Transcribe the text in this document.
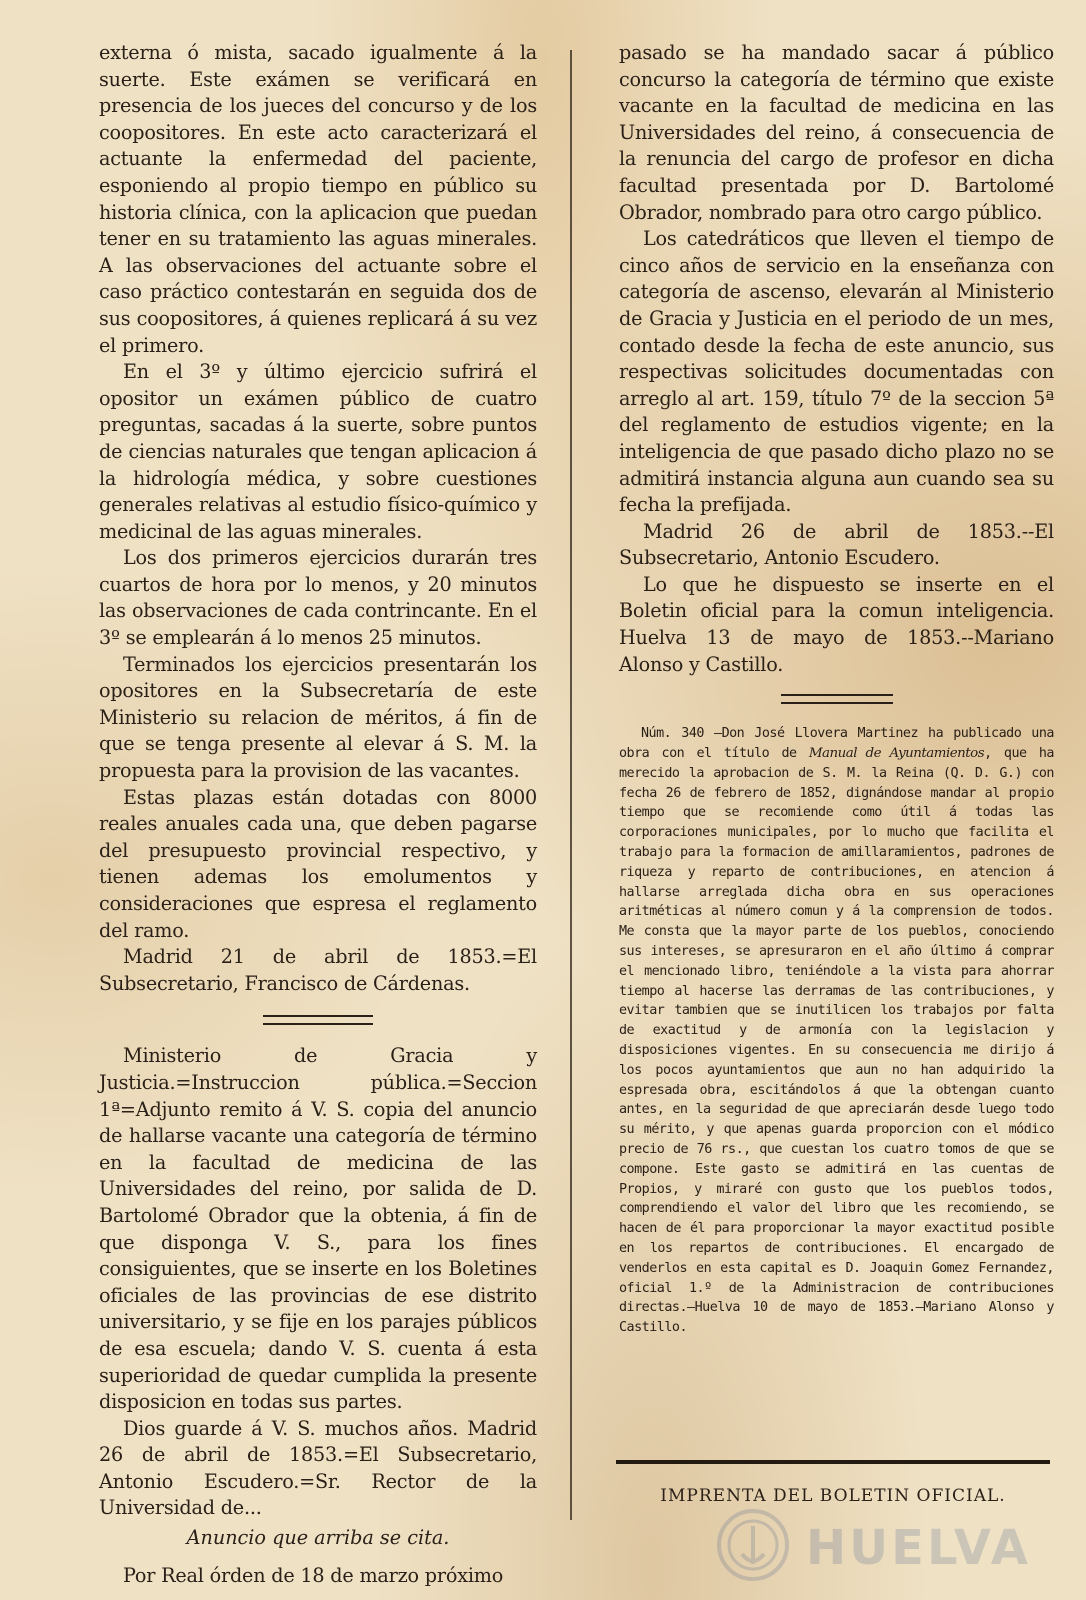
externa ó mista, sacado igualmente á la suerte. Este exámen se verificará en presencia de los jueces del concurso y de los coopositores. En este acto caracterizará el actuante la enfermedad del paciente, esponiendo al propio tiempo en público su historia clínica, con la aplicacion que puedan tener en su tratamiento las aguas minerales. A las observaciones del actuante sobre el caso práctico contestarán en seguida dos de sus coopositores, á quienes replicará á su vez el primero.

En el 3º y último ejercicio sufrirá el opositor un exámen público de cuatro preguntas, sacadas á la suerte, sobre puntos de ciencias naturales que tengan aplicacion á la hidrología médica, y sobre cuestiones generales relativas al estudio físico-químico y medicinal de las aguas minerales.

Los dos primeros ejercicios durarán tres cuartos de hora por lo menos, y 20 minutos las observaciones de cada contrincante. En el 3º se emplearán á lo menos 25 minutos.

Terminados los ejercicios presentarán los opositores en la Subsecretaría de este Ministerio su relacion de méritos, á fin de que se tenga presente al elevar á S. M. la propuesta para la provision de las vacantes.

Estas plazas están dotadas con 8000 reales anuales cada una, que deben pagarse del presupuesto provincial respectivo, y tienen ademas los emolumentos y consideraciones que espresa el reglamento del ramo.

Madrid 21 de abril de 1853.=El Subsecretario, Francisco de Cárdenas.

Ministerio de Gracia y Justicia.=Instruccion pública.=Seccion 1ª=Adjunto remito á V. S. copia del anuncio de hallarse vacante una categoría de término en la facultad de medicina de las Universidades del reino, por salida de D. Bartolomé Obrador que la obtenia, á fin de que disponga V. S., para los fines consiguientes, que se inserte en los Boletines oficiales de las provincias de ese distrito universitario, y se fije en los parajes públicos de esa escuela; dando V. S. cuenta á esta superioridad de quedar cumplida la presente disposicion en todas sus partes.

Dios guarde á V. S. muchos años. Madrid 26 de abril de 1853.=El Subsecretario, Antonio Escudero.=Sr. Rector de la Universidad de...

Anuncio que arriba se cita.

Por Real órden de 18 de marzo próximo

pasado se ha mandado sacar á público concurso la categoría de término que existe vacante en la facultad de medicina en las Universidades del reino, á consecuencia de la renuncia del cargo de profesor en dicha facultad presentada por D. Bartolomé Obrador, nombrado para otro cargo público.

Los catedráticos que lleven el tiempo de cinco años de servicio en la enseñanza con categoría de ascenso, elevarán al Ministerio de Gracia y Justicia en el periodo de un mes, contado desde la fecha de este anuncio, sus respectivas solicitudes documentadas con arreglo al art. 159, título 7º de la seccion 5ª del reglamento de estudios vigente; en la inteligencia de que pasado dicho plazo no se admitirá instancia alguna aun cuando sea su fecha la prefijada.

Madrid 26 de abril de 1853.--El Subsecretario, Antonio Escudero.

Lo que he dispuesto se inserte en el Boletin oficial para la comun inteligencia. Huelva 13 de mayo de 1853.--Mariano Alonso y Castillo.

Núm. 340 —Don José Llovera Martinez ha publicado una obra con el título de Manual de Ayuntamientos, que ha merecido la aprobacion de S. M. la Reina (Q. D. G.) con fecha 26 de febrero de 1852, dignándose mandar al propio tiempo que se recomiende como útil á todas las corporaciones municipales, por lo mucho que facilita el trabajo para la formacion de amillaramientos, padrones de riqueza y reparto de contribuciones, en atencion á hallarse arreglada dicha obra en sus operaciones aritméticas al número comun y á la comprension de todos. Me consta que la mayor parte de los pueblos, conociendo sus intereses, se apresuraron en el año último á comprar el mencionado libro, teniéndole a la vista para ahorrar tiempo al hacerse las derramas de las contribuciones, y evitar tambien que se inutilicen los trabajos por falta de exactitud y de armonía con la legislacion y disposiciones vigentes. En su consecuencia me dirijo á los pocos ayuntamientos que aun no han adquirido la espresada obra, escitándolos á que la obtengan cuanto antes, en la seguridad de que apreciarán desde luego todo su mérito, y que apenas guarda proporcion con el módico precio de 76 rs., que cuestan los cuatro tomos de que se compone. Este gasto se admitirá en las cuentas de Propios, y miraré con gusto que los pueblos todos, comprendiendo el valor del libro que les recomiendo, se hacen de él para proporcionar la mayor exactitud posible en los repartos de contribuciones. El encargado de venderlos en esta capital es D. Joaquin Gomez Fernandez, oficial 1.º de la Administracion de contribuciones directas.—Huelva 10 de mayo de 1853.—Mariano Alonso y Castillo.

IMPRENTA DEL BOLETIN OFICIAL.
HUELVA
